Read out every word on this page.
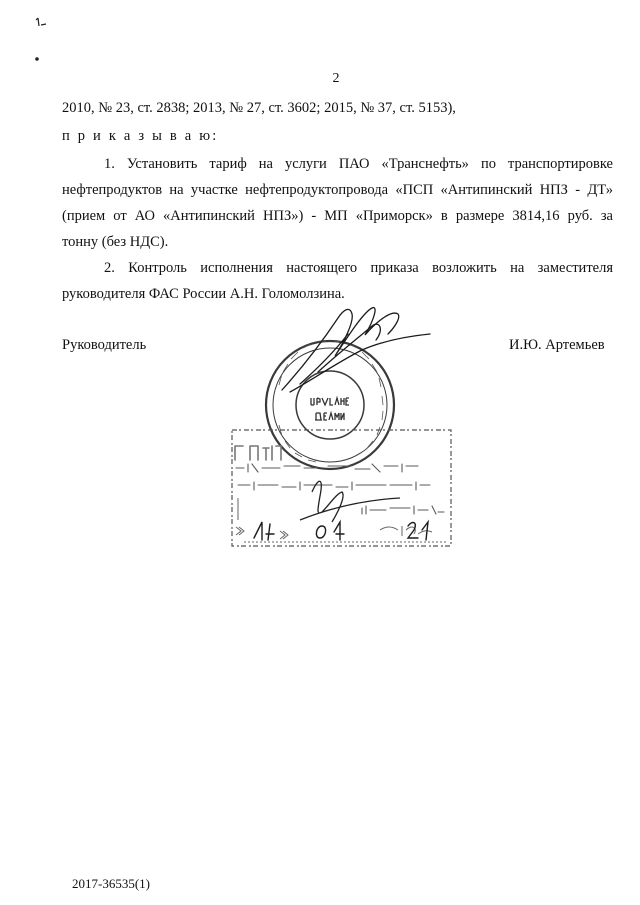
2
2010, № 23, ст. 2838; 2013, № 27, ст. 3602; 2015, № 37, ст. 5153),
п р и к а з ы в а ю:
1. Установить тариф на услуги ПАО «Транснефть» по транспортировке
нефтепродуктов на участке нефтепродуктопровода «ПСП «Антипинский НПЗ - ДТ»
(прием от АО «Антипинский НПЗ») - МП «Приморск» в размере 3814,16 руб. за
тонну (без НДС).
2. Контроль исполнения настоящего приказа возложить на заместителя
руководителя ФАС России А.Н. Голомолзина.
Руководитель	И.Ю. Артемьев
2017-36535(1)
